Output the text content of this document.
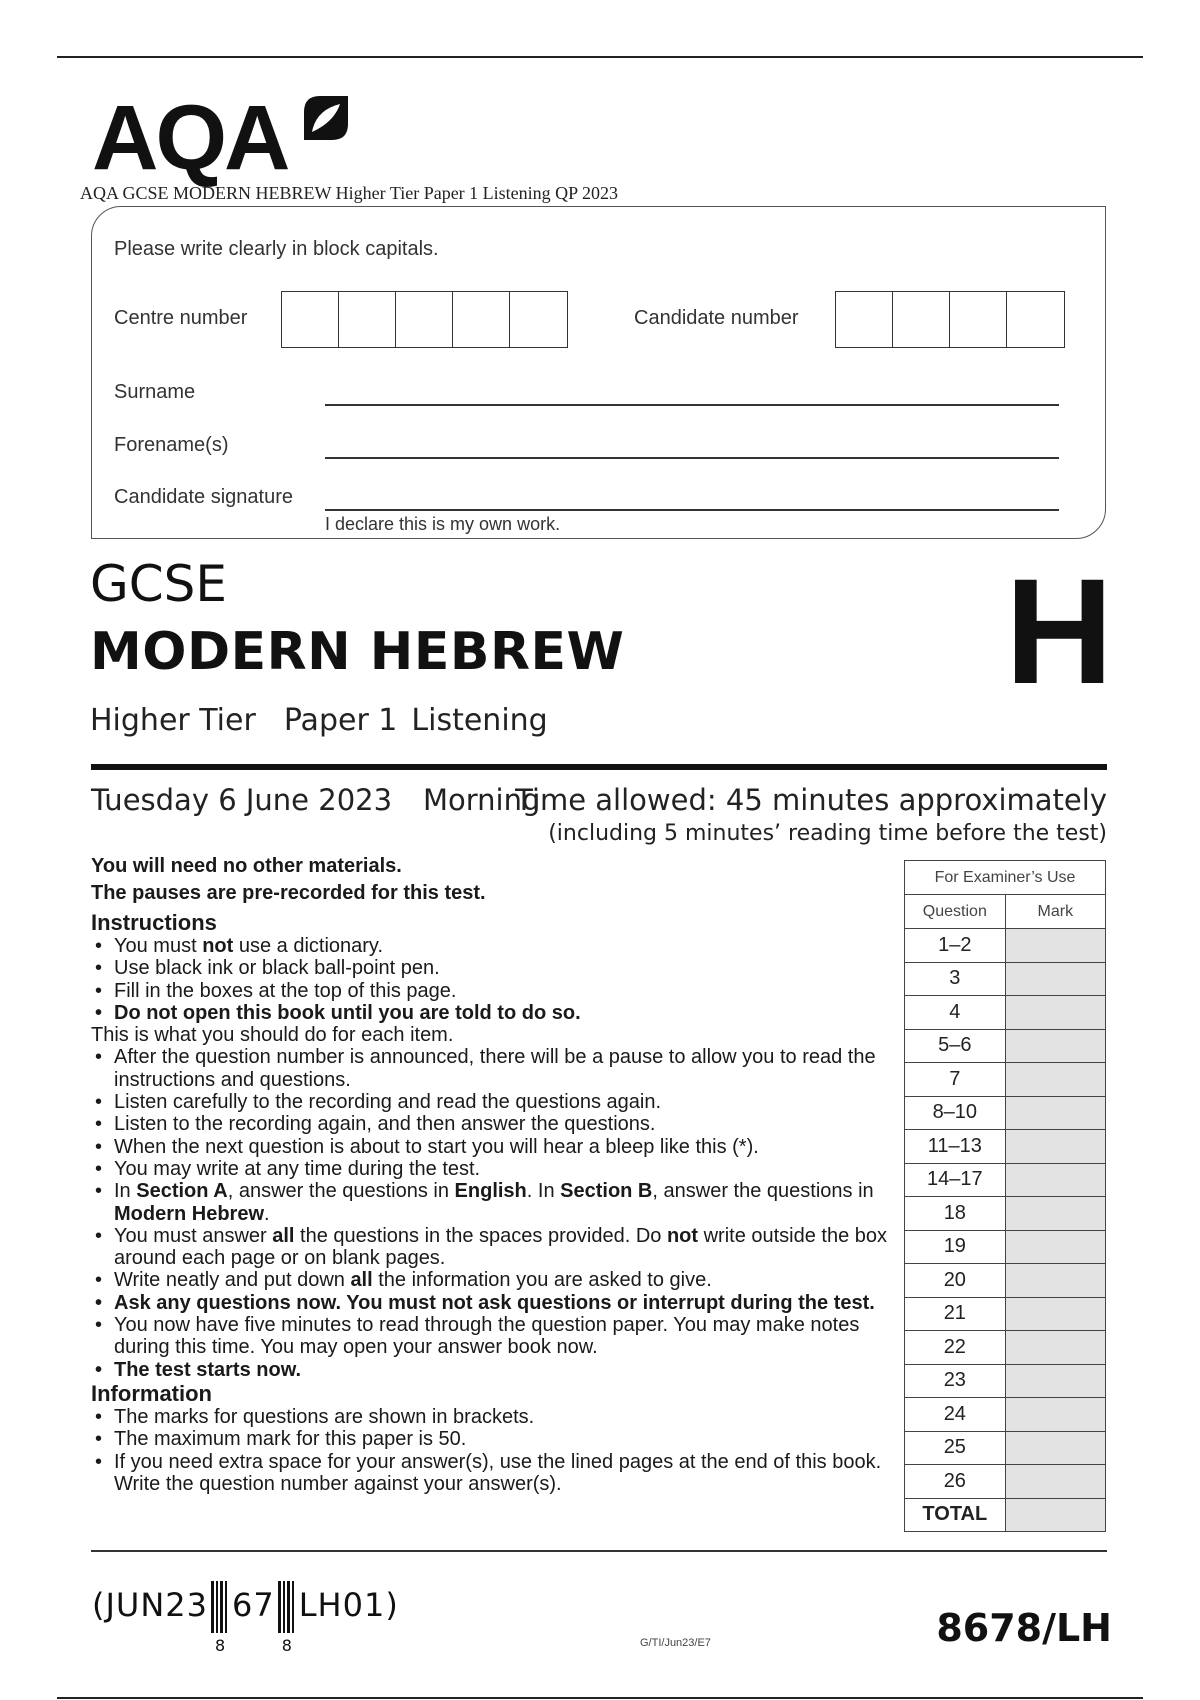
AQA
AQA GCSE MODERN HEBREW Higher Tier Paper 1 Listening QP 2023
Please write clearly in block capitals.
Centre number	Candidate number
Surname
Forename(s)
Candidate signature
I declare this is my own work.
GCSE
MODERN HEBREW
Higher Tier Paper 1 Listening
H
Tuesday 6 June 2023 Morning
Time allowed: 45 minutes approximately
(including 5 minutes’ reading time before the test)

You will need no other materials.

The pauses are pre-recorded for this test.

Instructions

• You must not use a dictionary.
• Use black ink or black ball-point pen.
• Fill in the boxes at the top of this page.
• Do not open this book until you are told to do so.

This is what you should do for each item.

• After the question number is announced, there will be a pause to allow you to read the instructions and questions.
• Listen carefully to the recording and read the questions again.
• Listen to the recording again, and then answer the questions.
• When the next question is about to start you will hear a bleep like this (*).
• You may write at any time during the test.
• In Section A, answer the questions in English. In Section B, answer the questions in Modern Hebrew.
• You must answer all the questions in the spaces provided. Do not write outside the box around each page or on blank pages.
• Write neatly and put down all the information you are asked to give.
• Ask any questions now. You must not ask questions or interrupt during the test.
• You now have five minutes to read through the question paper. You may make notes during this time. You may open your answer book now.
• The test starts now.

Information

• The marks for questions are shown in brackets.
• The maximum mark for this paper is 50.
• If you need extra space for your answer(s), use the lined pages at the end of this book. Write the question number against your answer(s).
For Examiner’s Use	
Question	Mark
1–2	
3	
4	
5–6	
7	
8–10	
11–13	
14–17	
18	
19	
20	
21	
22	
23	
24	
25	
26	
TOTAL	
(JUN23
8
67
8
LH01)
G/TI/Jun23/E7	8678/LH
